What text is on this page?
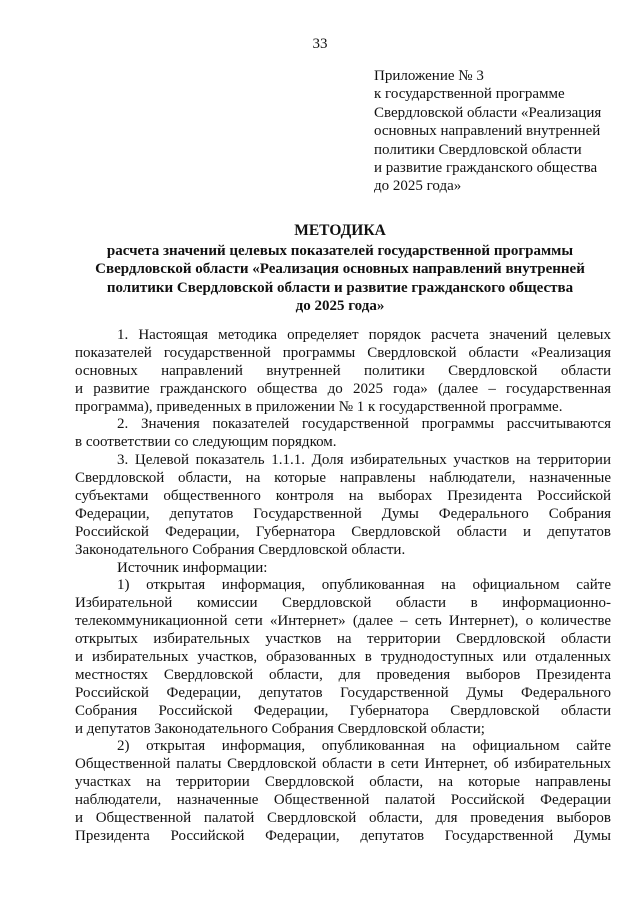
33
Приложение № 3
к государственной программе
Свердловской области «Реализация
основных направлений внутренней
политики Свердловской области
и развитие гражданского общества
до 2025 года»
МЕТОДИКА
расчета значений целевых показателей государственной программы
Свердловской области «Реализация основных направлений внутренней
политики Свердловской области и развитие гражданского общества
до 2025 года»
1. Настоящая методика определяет порядок расчета значений целевых
показателей государственной программы Свердловской области «Реализация
основных направлений внутренней политики Свердловской области
и развитие гражданского общества до 2025 года» (далее – государственная
программа), приведенных в приложении № 1 к государственной программе.
2. Значения показателей государственной программы рассчитываются
в соответствии со следующим порядком.
3. Целевой показатель 1.1.1. Доля избирательных участков на территории
Свердловской области, на которые направлены наблюдатели, назначенные
субъектами общественного контроля на выборах Президента Российской
Федерации, депутатов Государственной Думы Федерального Собрания
Российской Федерации, Губернатора Свердловской области и депутатов
Законодательного Собрания Свердловской области.
Источник информации:
1) открытая информация, опубликованная на официальном сайте
Избирательной комиссии Свердловской области в информационно-
телекоммуникационной сети «Интернет» (далее – сеть Интернет), о количестве
открытых избирательных участков на территории Свердловской области
и избирательных участков, образованных в труднодоступных или отдаленных
местностях Свердловской области, для проведения выборов Президента
Российской Федерации, депутатов Государственной Думы Федерального
Собрания Российской Федерации, Губернатора Свердловской области
и депутатов Законодательного Собрания Свердловской области;
2) открытая информация, опубликованная на официальном сайте
Общественной палаты Свердловской области в сети Интернет, об избирательных
участках на территории Свердловской области, на которые направлены
наблюдатели, назначенные Общественной палатой Российской Федерации
и Общественной палатой Свердловской области, для проведения выборов
Президента Российской Федерации, депутатов Государственной Думы
